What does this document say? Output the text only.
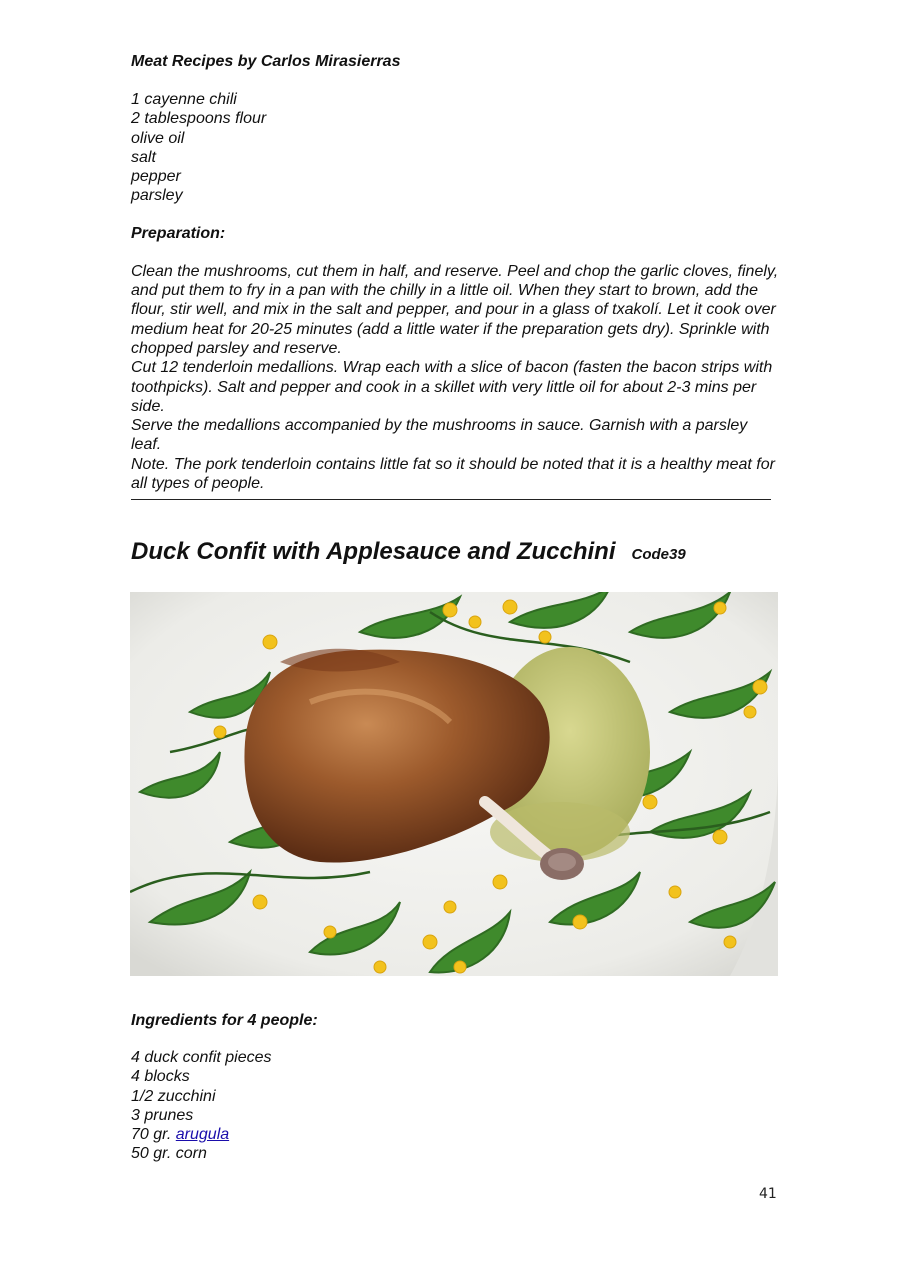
Meat Recipes by Carlos Mirasierras
1 cayenne chili
2 tablespoons flour
olive oil
salt
pepper
parsley
Preparation:

Clean the mushrooms, cut them in half, and reserve. Peel and chop the garlic cloves, finely, and put them to fry in a pan with the chilly in a little oil. When they start to brown, add the flour, stir well, and mix in the salt and pepper, and pour in a glass of txakolí. Let it cook over medium heat for 20-25 minutes (add a little water if the preparation gets dry). Sprinkle with chopped parsley and reserve.

Cut 12 tenderloin medallions. Wrap each with a slice of bacon (fasten the bacon strips with toothpicks). Salt and pepper and cook in a skillet with very little oil for about 2-3 mins per side.

Serve the medallions accompanied by the mushrooms in sauce. Garnish with a parsley leaf.

Note. The pork tenderloin contains little fat so it should be noted that it is a healthy meat for all types of people.

Duck Confit with Applesauce and Zucchini Code39
Ingredients for 4 people:
4 duck confit pieces
4 blocks
1/2 zucchini
3 prunes
70 gr. arugula
50 gr. corn
41
